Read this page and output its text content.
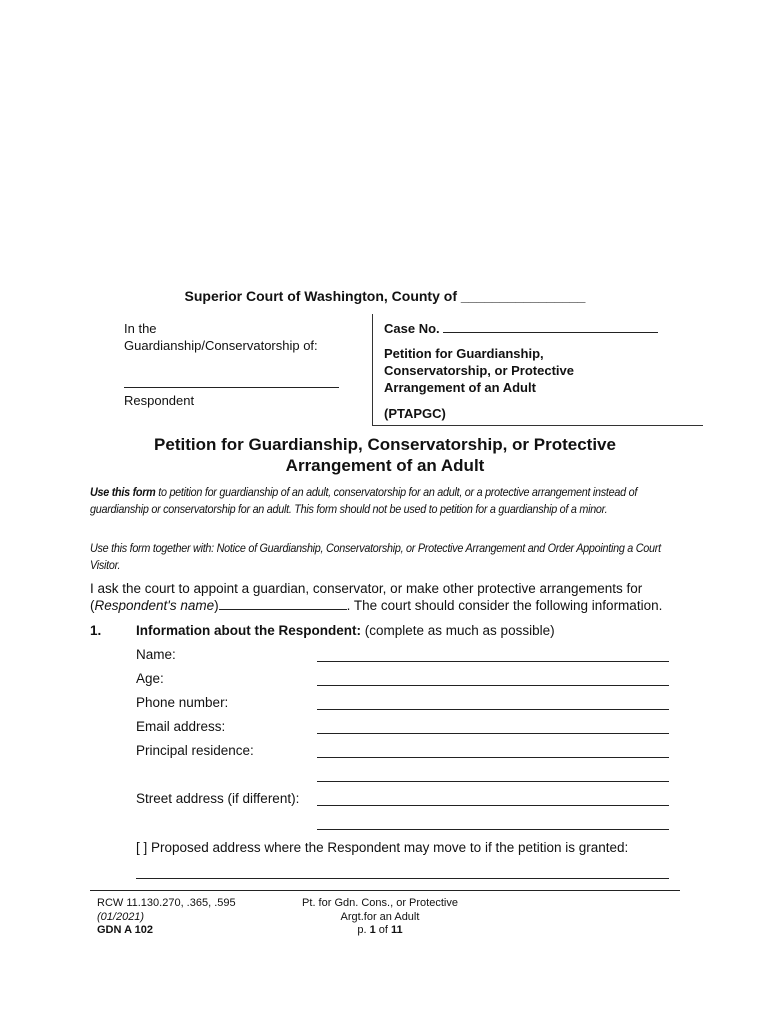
Superior Court of Washington, County of ________________
In the
Guardianship/Conservatorship of:
Respondent
Case No.
Petition for Guardianship,
Conservatorship, or Protective
Arrangement of an Adult
(PTAPGC)
Petition for Guardianship, Conservatorship, or Protective
Arrangement of an Adult
Use this form to petition for guardianship of an adult, conservatorship for an adult, or a protective arrangement instead of guardianship or conservatorship for an adult. This form should not be used to petition for a guardianship of a minor.
Use this form together with: Notice of Guardianship, Conservatorship, or Protective Arrangement and Order Appointing a Court Visitor.
I ask the court to appoint a guardian, conservator, or make other protective arrangements for
(Respondent's name)	. The court should consider the following information.
1.	Information about the Respondent: (complete as much as possible)
Name:
Age:
Phone number:
Email address:
Principal residence:
Street address (if different):
[ ] Proposed address where the Respondent may move to if the petition is granted:
RCW 11.130.270, .365, .595
(01/2021)
GDN A 102
Pt. for Gdn. Cons., or Protective
Argt.for an Adult
p. 1 of 11
